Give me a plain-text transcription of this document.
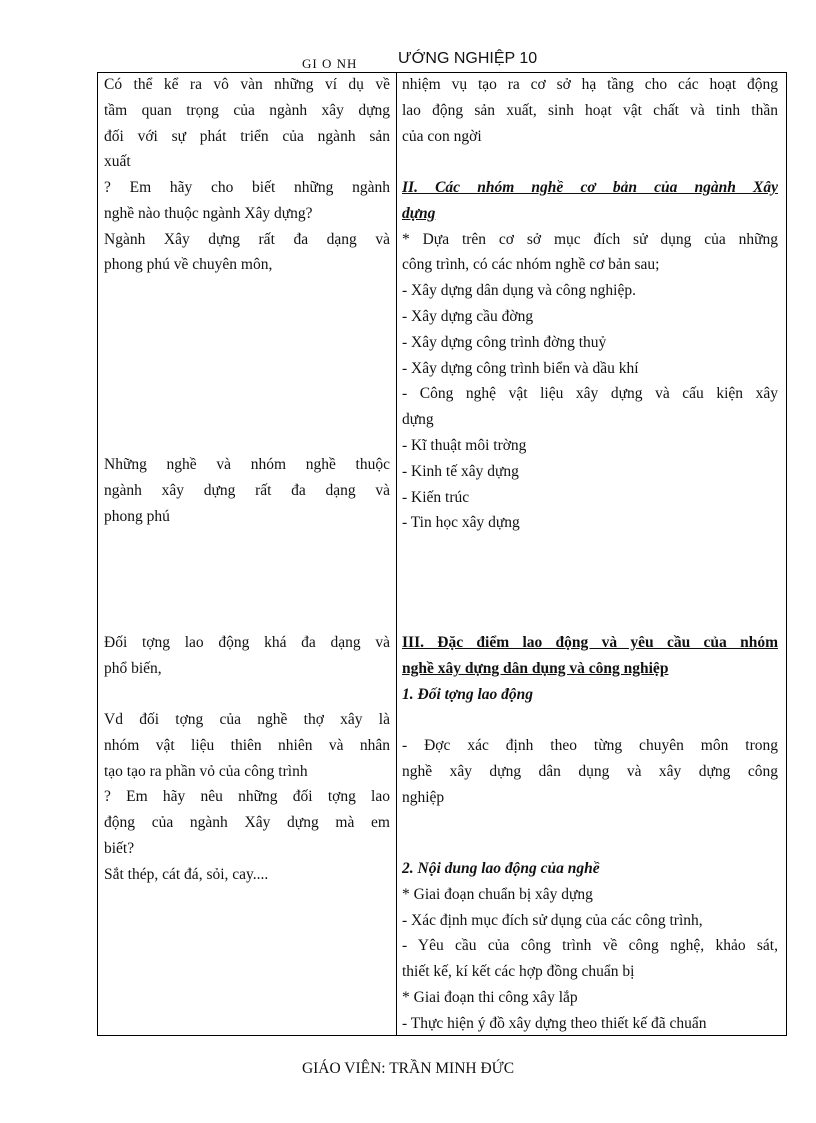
GI O NH	ƯỚNG NGHIỆP 10
Có thể kể ra vô vàn những ví dụ về
tầm quan trọng của ngành xây dựng
đối với sự phát triển của ngành sản
xuất
? Em hãy cho biết những ngành
nghề nào thuộc ngành Xây dựng?
Ngành Xây dựng rất đa dạng và
phong phú về chuyên môn,
Những nghề và nhóm nghề thuộc
ngành xây dựng rất đa dạng và
phong phú
Đối tợng lao động khá đa dạng và
phổ biến,
Vd đối tợng của nghề thợ xây là
nhóm vật liệu thiên nhiên và nhân
tạo tạo ra phần vỏ của công trình
? Em hãy nêu những đối tợng lao
động của ngành Xây dựng mà em
biết?
Sắt thép, cát đá, sỏi, cay....
nhiệm vụ tạo ra cơ sở hạ tầng cho các hoạt động
lao động sản xuất, sinh hoạt vật chất và tinh thần
của con ngời
II. Các nhóm nghề cơ bản của ngành Xây
dựng
* Dựa trên cơ sở mục đích sử dụng của những
công trình, có các nhóm nghề cơ bản sau;
- Xây dựng dân dụng và công nghiệp.
- Xây dựng cầu đờng
- Xây dựng công trình đờng thuỷ
- Xây dựng công trình biển và dầu khí
- Công nghệ vật liệu xây dựng và cấu kiện xây
dựng
- Kĩ thuật môi trờng
- Kinh tế xây dựng
- Kiến trúc
- Tin học xây dựng
III. Đặc điểm lao động và yêu cầu của nhóm
nghề xây dựng dân dụng và công nghiệp
1. Đối tợng lao động
- Đợc xác định theo từng chuyên môn trong
nghề xây dựng dân dụng và xây dựng công
nghiệp
2. Nội dung lao động của nghề
* Giai đoạn chuẩn bị xây dựng
- Xác định mục đích sử dụng của các công trình,
- Yêu cầu của công trình về công nghệ, khảo sát,
thiết kế, kí kết các hợp đồng chuẩn bị
* Giai đoạn thi công xây lắp
- Thực hiện ý đồ xây dựng theo thiết kế đã chuẩn
GIÁO VIÊN: TRẦN MINH ĐỨC
